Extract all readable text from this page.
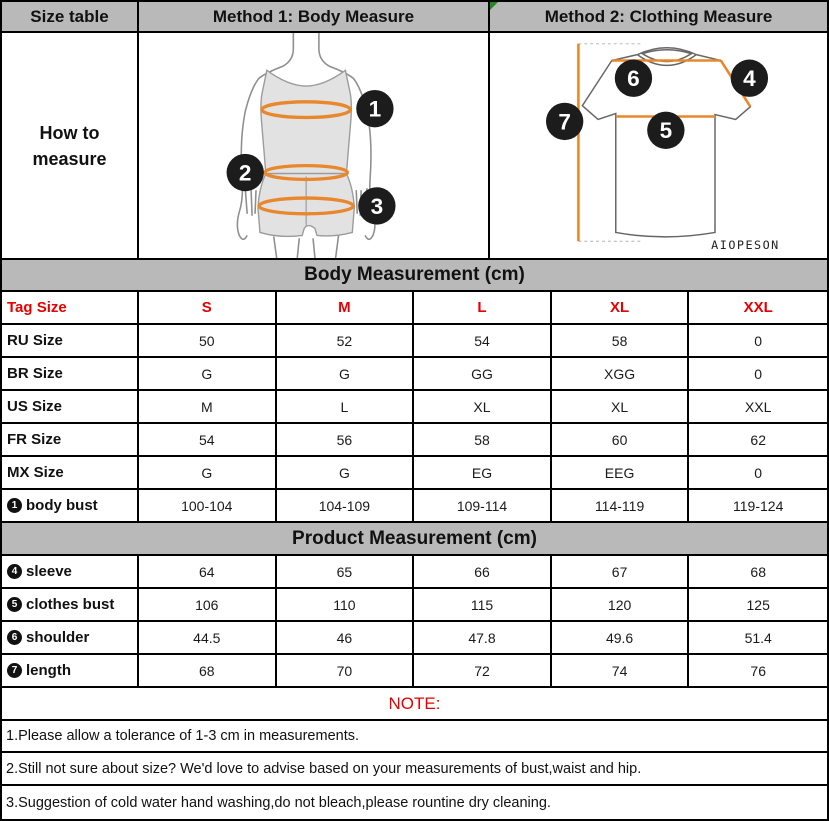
Size table	Method 1: Body Measure	Method 2: Clothing Measure
How to measure
1
2
3
6	4
7	5
AIOPESON
Body Measurement (cm)
Tag Size	S	M	L	XL	XXL
RU Size	50	52	54	58	0
BR Size	G	G	GG	XGG	0
US Size	M	L	XL	XL	XXL
FR Size	54	56	58	60	62
MX Size	G	G	EG	EEG	0
1 body bust	100-104	104-109	109-114	114-119	119-124
Product Measurement (cm)
4 sleeve	64	65	66	67	68
5 clothes bust	106	110	115	120	125
6 shoulder	44.5	46	47.8	49.6	51.4
7 length	68	70	72	74	76
NOTE:
1.Please allow a tolerance of 1-3 cm in measurements.
2.Still not sure about size? We'd love to advise based on your measurements of bust,waist and hip.
3.Suggestion of cold water hand washing,do not bleach,please rountine dry cleaning.
